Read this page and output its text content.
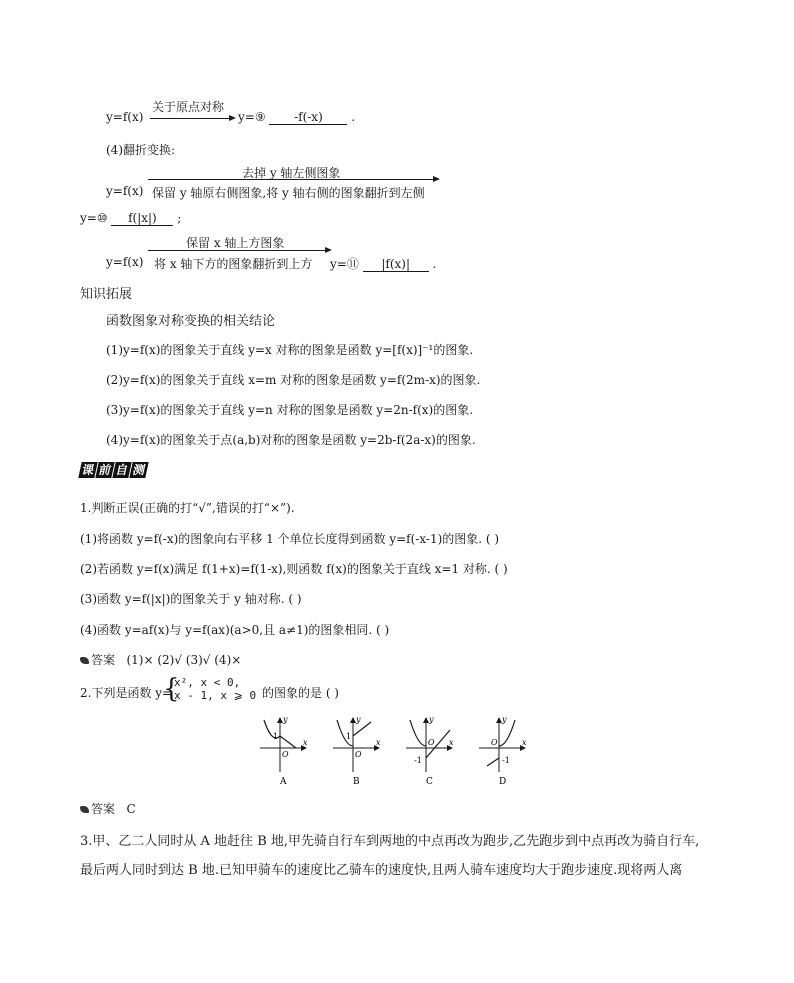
y=f(x)
关于原点对称
y=⑨ -f(-x) .
(4)翻折变换:
去掉 y 轴左侧图象
y=f(x) 保留 y 轴原右侧图象,将 y 轴右侧的图象翻折到左侧
y=⑩ f(|x|) ;
保留 x 轴上方图象
y=f(x) 将 x 轴下方的图象翻折到上方 y=⑪ |f(x)| .
知识拓展
函数图象对称变换的相关结论
(1)y=f(x)的图象关于直线 y=x 对称的图象是函数 y=[f(x)]⁻¹的图象.
(2)y=f(x)的图象关于直线 x=m 对称的图象是函数 y=f(2m-x)的图象.
(3)y=f(x)的图象关于直线 y=n 对称的图象是函数 y=2n-f(x)的图象.
(4)y=f(x)的图象关于点(a,b)对称的图象是函数 y=2b-f(2a-x)的图象.
课 前 自 测
1.判断正误(正确的打“√”,错误的打“×”).
(1)将函数 y=f(-x)的图象向右平移 1 个单位长度得到函数 y=f(-x-1)的图象. ( )
(2)若函数 y=f(x)满足 f(1+x)=f(1-x),则函数 f(x)的图象关于直线 x=1 对称. ( )
(3)函数 y=f(|x|)的图象关于 y 轴对称. ( )
(4)函数 y=af(x)与 y=f(ax)(a>0,且 a≠1)的图象相同. ( )
答案 (1)× (2)√ (3)√ (4)×
2.下列是函数 y=
{
x², x < 0,
x - 1, x ⩾ 0 的图象的是 ( )
y
x
O
1
A
y
x
O
1
B
y
x
O
-1
C
y
x
O
-1
D
答案 C
3.甲、乙二人同时从 A 地赶往 B 地,甲先骑自行车到两地的中点再改为跑步,乙先跑步到中点再改为骑自行车,
最后两人同时到达 B 地.已知甲骑车的速度比乙骑车的速度快,且两人骑车速度均大于跑步速度.现将两人离
